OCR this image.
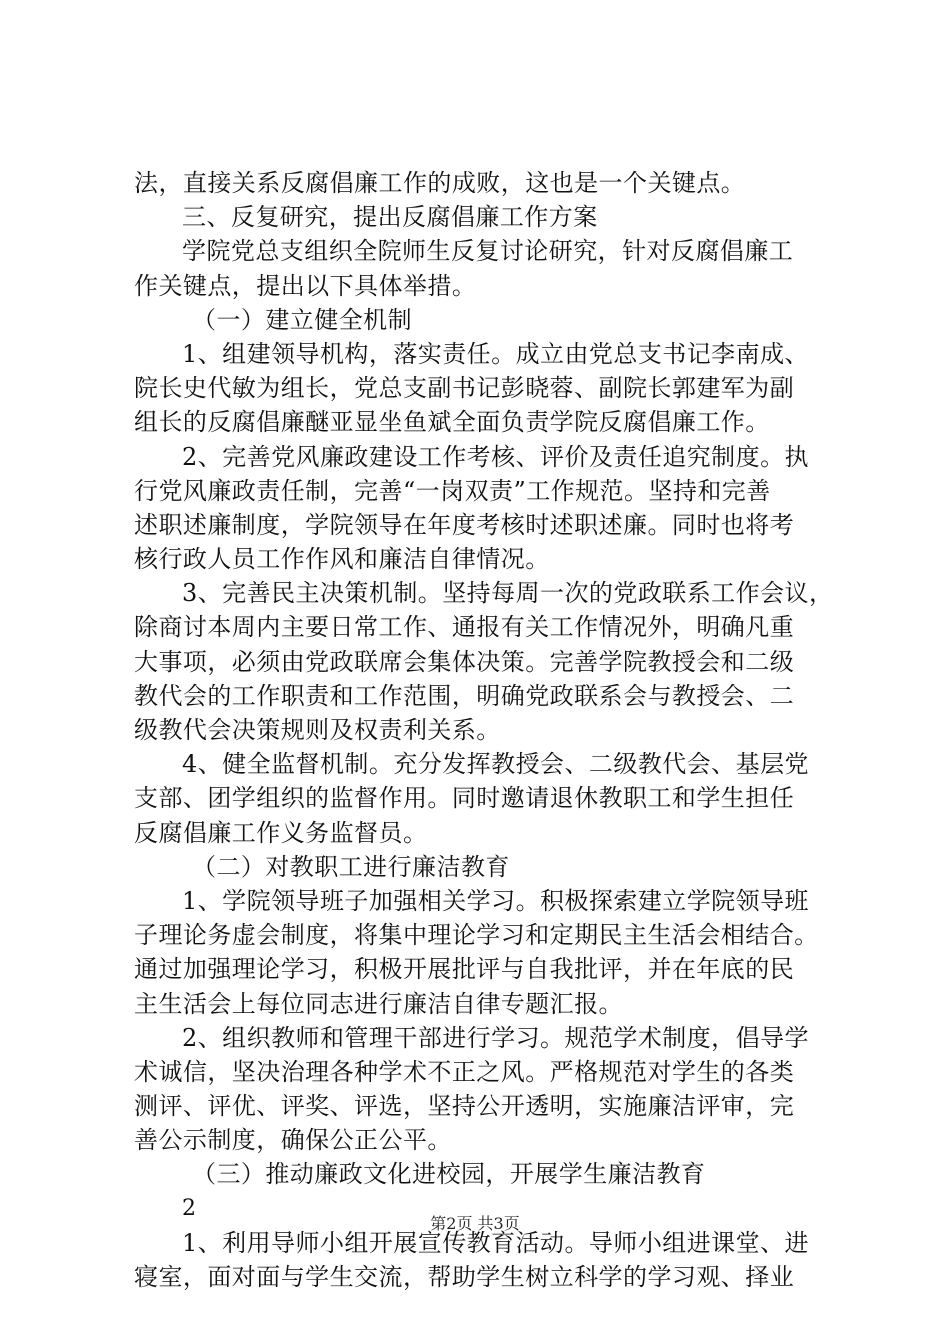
法，直接关系反腐倡廉工作的成败，这也是一个关键点。
三、反复研究，提出反腐倡廉工作方案
学院党总支组织全院师生反复讨论研究，针对反腐倡廉工
作关键点，提出以下具体举措。
（一）建立健全机制
1、组建领导机构，落实责任。成立由党总支书记李南成、
院长史代敏为组长，党总支副书记彭晓蓉、副院长郭建军为副
组长的反腐倡廉醚亚显坐鱼斌全面负责学院反腐倡廉工作。
2、完善党风廉政建设工作考核、评价及责任追究制度。执
行党风廉政责任制，完善“一岗双责”工作规范。坚持和完善
述职述廉制度，学院领导在年度考核时述职述廉。同时也将考
核行政人员工作作风和廉洁自律情况。
3、完善民主决策机制。坚持每周一次的党政联系工作会议，
除商讨本周内主要日常工作、通报有关工作情况外，明确凡重
大事项，必须由党政联席会集体决策。完善学院教授会和二级
教代会的工作职责和工作范围，明确党政联系会与教授会、二
级教代会决策规则及权责利关系。
4、健全监督机制。充分发挥教授会、二级教代会、基层党
支部、团学组织的监督作用。同时邀请退休教职工和学生担任
反腐倡廉工作义务监督员。
（二）对教职工进行廉洁教育
1、学院领导班子加强相关学习。积极探索建立学院领导班
子理论务虚会制度，将集中理论学习和定期民主生活会相结合。
通过加强理论学习，积极开展批评与自我批评，并在年底的民
主生活会上每位同志进行廉洁自律专题汇报。
2、组织教师和管理干部进行学习。规范学术制度，倡导学
术诚信，坚决治理各种学术不正之风。严格规范对学生的各类
测评、评优、评奖、评选，坚持公开透明，实施廉洁评审，完
善公示制度，确保公正公平。
（三）推动廉政文化进校园，开展学生廉洁教育
2
1、利用导师小组开展宣传教育活动。导师小组进课堂、进
寝室，面对面与学生交流，帮助学生树立科学的学习观、择业
第2页 共3页
